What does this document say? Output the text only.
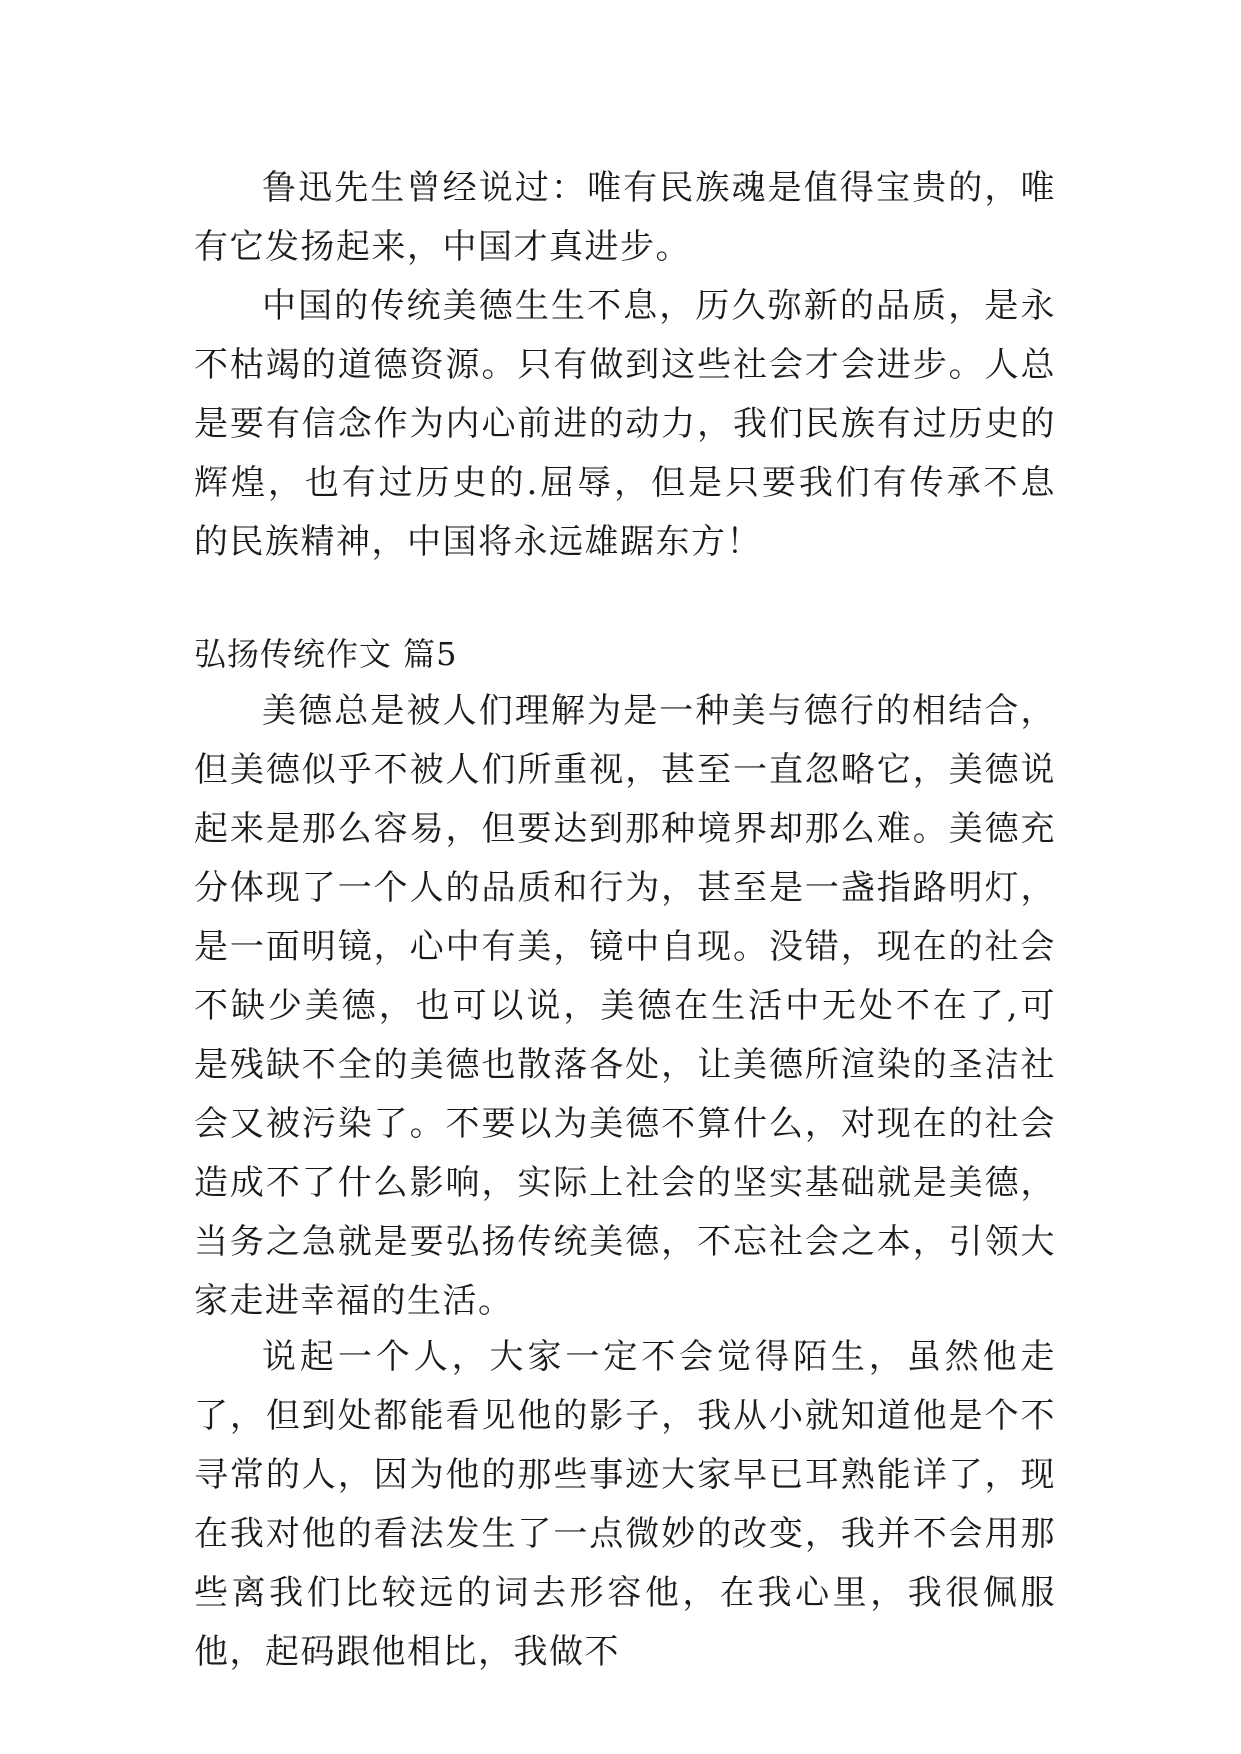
鲁迅先生曾经说过：唯有民族魂是值得宝贵的，唯有它发扬起来，中国才真进步。

中国的传统美德生生不息，历久弥新的品质，是永不枯竭的道德资源。只有做到这些社会才会进步。人总是要有信念作为内心前进的动力，我们民族有过历史的辉煌，也有过历史的.屈辱，但是只要我们有传承不息的民族精神，中国将永远雄踞东方！

弘扬传统作文 篇5

美德总是被人们理解为是一种美与德行的相结合，但美德似乎不被人们所重视，甚至一直忽略它，美德说起来是那么容易，但要达到那种境界却那么难。美德充分体现了一个人的品质和行为，甚至是一盏指路明灯，是一面明镜，心中有美，镜中自现。没错，现在的社会不缺少美德，也可以说，美德在生活中无处不在了,可是残缺不全的美德也散落各处，让美德所渲染的圣洁社会又被污染了。不要以为美德不算什么，对现在的社会造成不了什么影响，实际上社会的坚实基础就是美德，当务之急就是要弘扬传统美德，不忘社会之本，引领大家走进幸福的生活。

说起一个人，大家一定不会觉得陌生，虽然他走了，但到处都能看见他的影子，我从小就知道他是个不寻常的人，因为他的那些事迹大家早已耳熟能详了，现在我对他的看法发生了一点微妙的改变，我并不会用那些离我们比较远的词去形容他，在我心里，我很佩服他，起码跟他相比，我做不
